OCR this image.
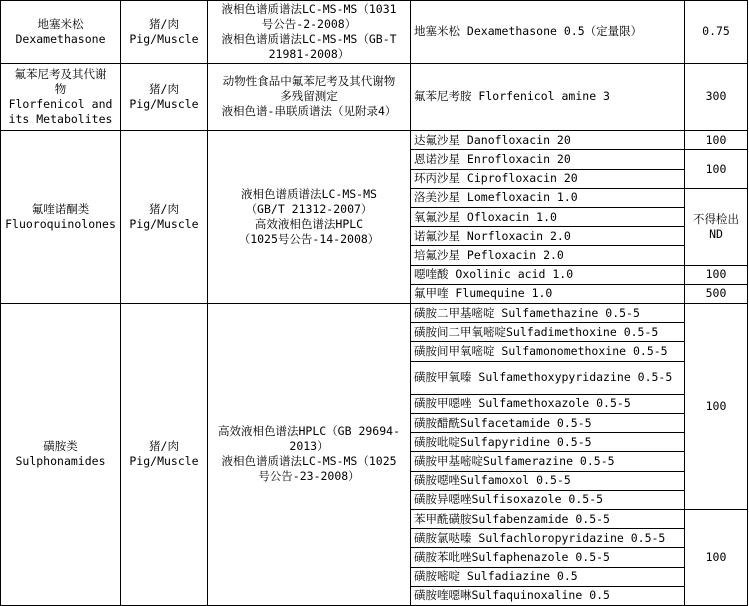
地塞米松
Dexamethasone	猪/肉
Pig/Muscle	液相色谱质谱法LC-MS-MS（1031
号公告-2-2008）
液相色谱质谱法LC-MS-MS（GB-T
21981-2008）	地塞米松 Dexamethasone 0.5（定量限）	0.75

氟苯尼考及其代谢
物
Florfenicol and
its Metabolites	猪/肉
Pig/Muscle	动物性食品中氟苯尼考及其代谢物
多残留测定
液相色谱-串联质谱法（见附录4）	氟苯尼考胺 Florfenicol amine 3	300

氟喹诺酮类
Fluoroquinolones	猪/肉
Pig/Muscle	液相色谱质谱法LC-MS-MS
（GB/T 21312-2007）
高效液相色谱法HPLC
（1025号公告-14-2008）	达氟沙星 Danofloxacin 20	100
			恩诺沙星 Enrofloxacin 20	100
			环丙沙星 Ciprofloxacin 20	
			洛美沙星 Lomefloxacin 1.0	不得检出
ND

			氧氟沙星 Ofloxacin 1.0	
			诺氟沙星 Norfloxacin 2.0	
			培氟沙星 Pefloxacin 2.0	
			噁喹酸 Oxolinic acid 1.0	100
			氟甲喹 Flumequine 1.0	500

磺胺类
Sulphonamides	猪/肉
Pig/Muscle	高效液相色谱法HPLC（GB 29694-
2013）
液相色谱质谱法LC-MS-MS（1025
号公告-23-2008）	磺胺二甲基嘧啶 Sulfamethazine 0.5-5	100
			磺胺间二甲氧嘧啶Sulfadimethoxine 0.5-5	
			磺胺间甲氧嘧啶 Sulfamonomethoxine 0.5-5	
			磺胺甲氧嗪 Sulfamethoxypyridazine 0.5-5	
			磺胺甲噁唑 Sulfamethoxazole 0.5-5	
			磺胺醋酰Sulfacetamide 0.5-5	
			磺胺吡啶Sulfapyridine 0.5-5	
			磺胺甲基嘧啶Sulfamerazine 0.5-5	
			磺胺噁唑Sulfamoxol 0.5-5	
			磺胺异噁唑Sulfisoxazole 0.5-5	
			苯甲酰磺胺Sulfabenzamide 0.5-5	100
			磺胺氯哒嗪 Sulfachloropyridazine 0.5-5	
			磺胺苯吡唑Sulfaphenazole 0.5-5	
			磺胺嘧啶 Sulfadiazine 0.5	
			磺胺喹噁啉Sulfaquinoxaline 0.5	
